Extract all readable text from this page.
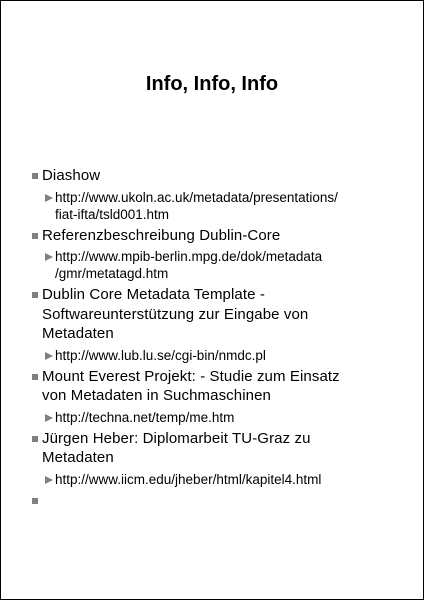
Info, Info, Info
Diashow
http://www.ukoln.ac.uk/metadata/presentations/
fiat-ifta/tsld001.htm
Referenzbeschreibung Dublin-Core
http://www.mpib-berlin.mpg.de/dok/metadata
/gmr/metatagd.htm
Dublin Core Metadata Template -
Softwareunterstützung zur Eingabe von
Metadaten
http://www.lub.lu.se/cgi-bin/nmdc.pl
Mount Everest Projekt: - Studie zum Einsatz
von Metadaten in Suchmaschinen
http://techna.net/temp/me.htm
Jürgen Heber: Diplomarbeit TU-Graz zu
Metadaten
http://www.iicm.edu/jheber/html/kapitel4.html
